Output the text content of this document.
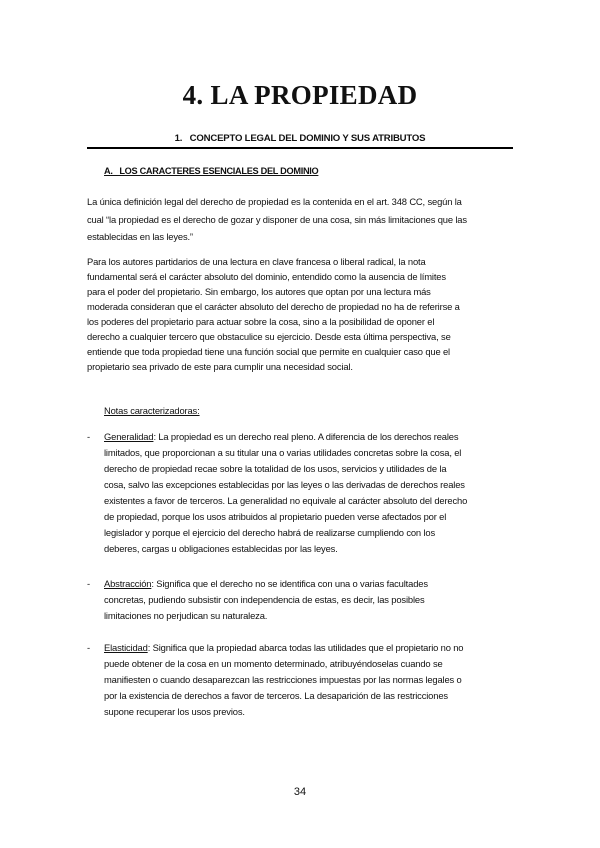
4. LA PROPIEDAD
1.   CONCEPTO LEGAL DEL DOMINIO Y SUS ATRIBUTOS
A.   LOS CARACTERES ESENCIALES DEL DOMINIO
La única definición legal del derecho de propiedad es la contenida en el art. 348 CC, según la
cual “la propiedad es el derecho de gozar y disponer de una cosa, sin más limitaciones que las
establecidas en las leyes.”
Para los autores partidarios de una lectura en clave francesa o liberal radical, la nota
fundamental será el carácter absoluto del dominio, entendido como la ausencia de límites
para el poder del propietario. Sin embargo, los autores que optan por una lectura más
moderada consideran que el carácter absoluto del derecho de propiedad no ha de referirse a
los poderes del propietario para actuar sobre la cosa, sino a la posibilidad de oponer el
derecho a cualquier tercero que obstaculice su ejercicio. Desde esta última perspectiva, se
entiende que toda propiedad tiene una función social que permite en cualquier caso que el
propietario sea privado de este para cumplir una necesidad social.
Notas caracterizadoras:
- Generalidad: La propiedad es un derecho real pleno. A diferencia de los derechos reales
limitados, que proporcionan a su titular una o varias utilidades concretas sobre la cosa, el
derecho de propiedad recae sobre la totalidad de los usos, servicios y utilidades de la
cosa, salvo las excepciones establecidas por las leyes o las derivadas de derechos reales
existentes a favor de terceros. La generalidad no equivale al carácter absoluto del derecho
de propiedad, porque los usos atribuidos al propietario pueden verse afectados por el
legislador y porque el ejercicio del derecho habrá de realizarse cumpliendo con los
deberes, cargas u obligaciones establecidas por las leyes.
- Abstracción: Significa que el derecho no se identifica con una o varias facultades
concretas, pudiendo subsistir con independencia de estas, es decir, las posibles
limitaciones no perjudican su naturaleza.
- Elasticidad: Significa que la propiedad abarca todas las utilidades que el propietario no no
puede obtener de la cosa en un momento determinado, atribuyéndoselas cuando se
manifiesten o cuando desaparezcan las restricciones impuestas por las normas legales o
por la existencia de derechos a favor de terceros. La desaparición de las restricciones
supone recuperar los usos previos.
34
